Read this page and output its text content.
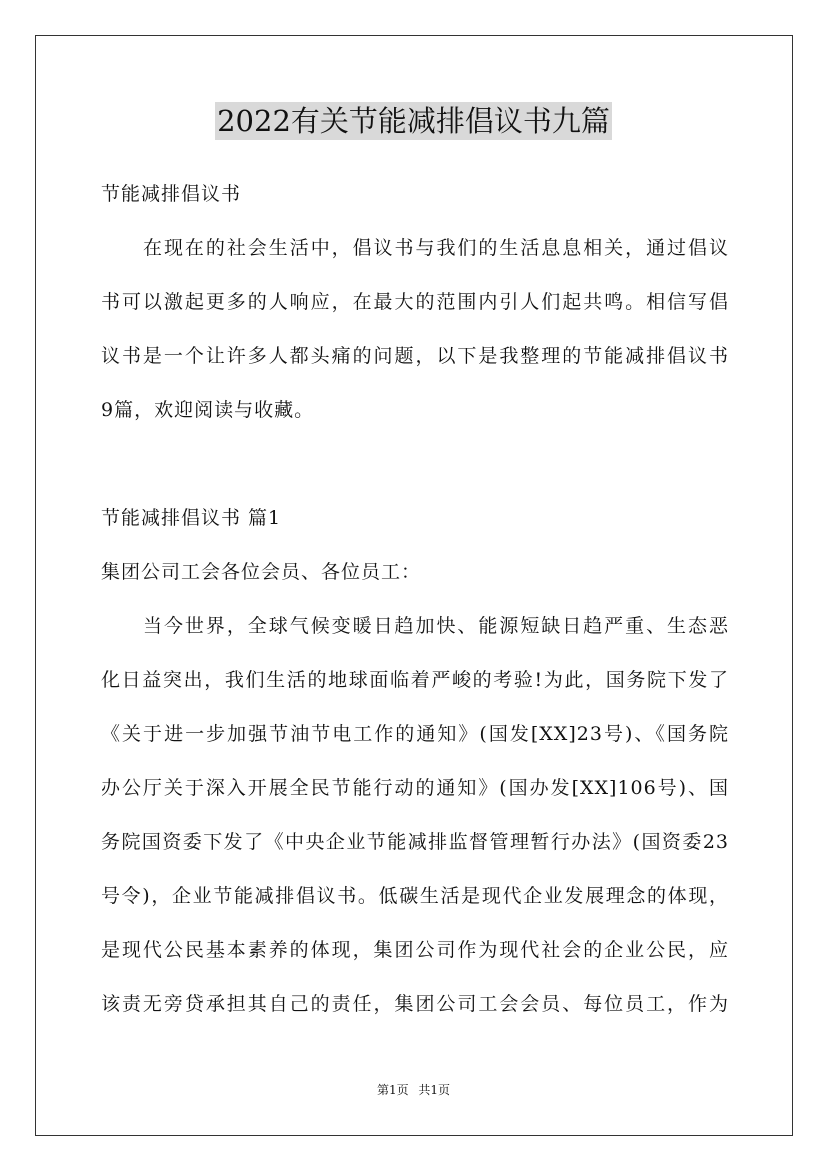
2022有关节能减排倡议书九篇
节能减排倡议书
在现在的社会生活中，倡议书与我们的生活息息相关，通过倡议
书可以激起更多的人响应，在最大的范围内引人们起共鸣。相信写倡
议书是一个让许多人都头痛的问题，以下是我整理的节能减排倡议书
9篇，欢迎阅读与收藏。
节能减排倡议书 篇1
集团公司工会各位会员、各位员工：
当今世界，全球气候变暖日趋加快、能源短缺日趋严重、生态恶
化日益突出，我们生活的地球面临着严峻的考验!为此，国务院下发了
《关于进一步加强节油节电工作的通知》(国发[XX]23号)、《国务院
办公厅关于深入开展全民节能行动的通知》(国办发[XX]106号)、国
务院国资委下发了《中央企业节能减排监督管理暂行办法》(国资委23
号令)，企业节能减排倡议书。低碳生活是现代企业发展理念的体现，
是现代公民基本素养的体现，集团公司作为现代社会的企业公民，应
该责无旁贷承担其自己的责任，集团公司工会会员、每位员工，作为
第1页 共1页
